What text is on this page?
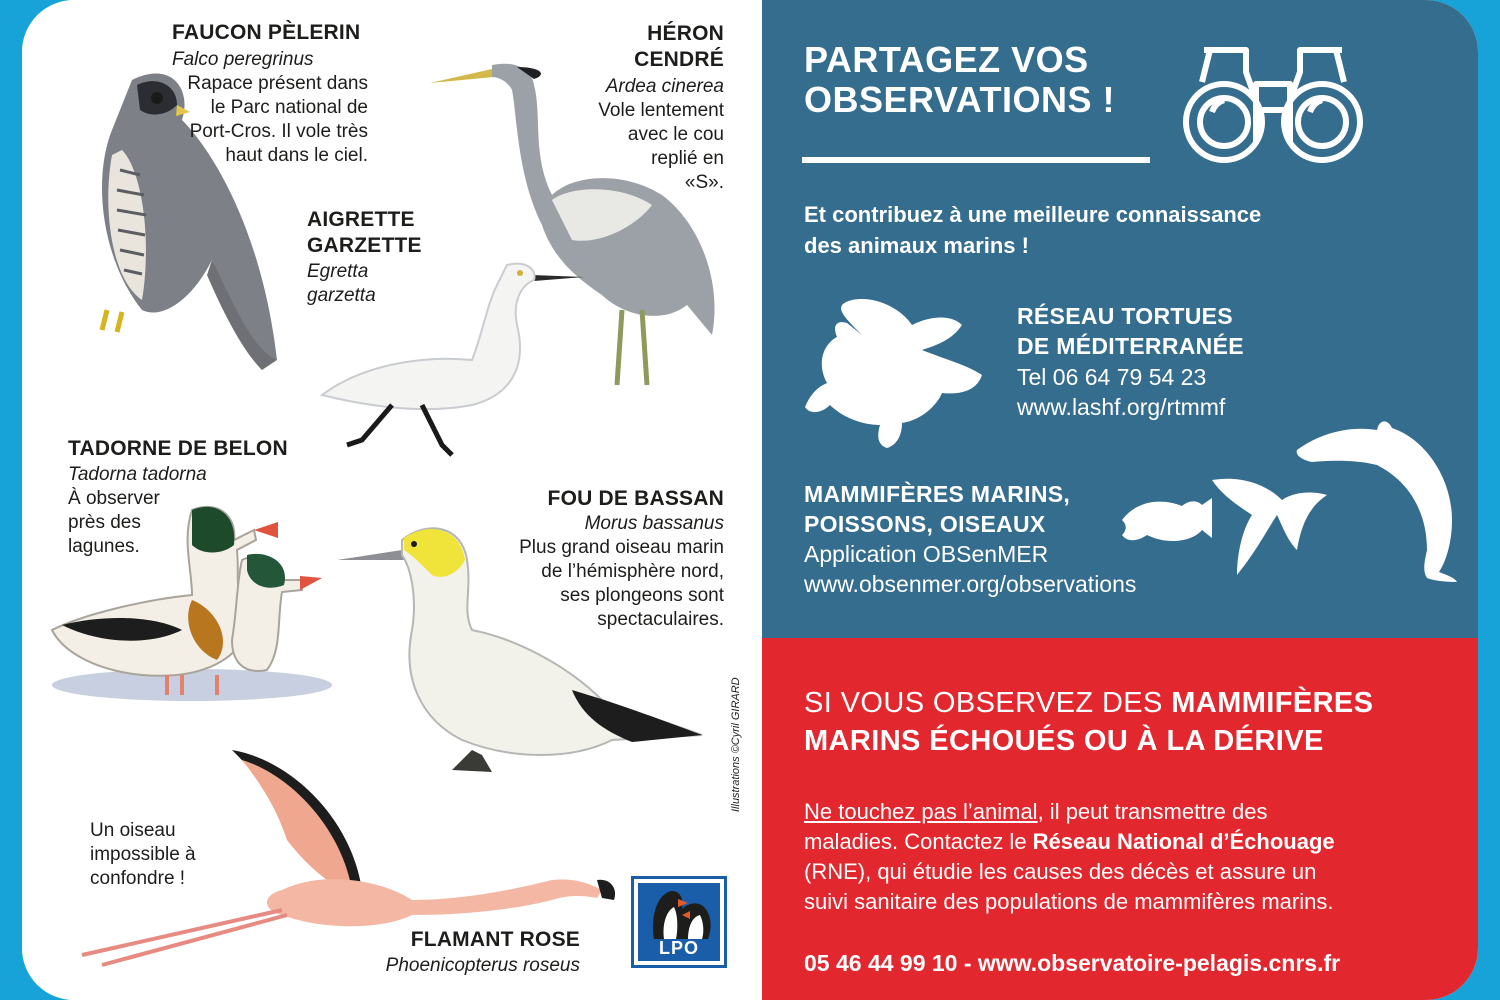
FAUCON PÈLERIN
Falco peregrinus
Rapace présent dans
le Parc national de
Port-Cros. Il vole très
haut dans le ciel.
HÉRON
CENDRÉ
Ardea cinerea
Vole lentement
avec le cou
replié en
«S».
AIGRETTE
GARZETTE
Egretta
garzetta
TADORNE DE BELON
Tadorna tadorna
À observer
près des
lagunes.
FOU DE BASSAN
Morus bassanus
Plus grand oiseau marin
de l’hémisphère nord,
ses plongeons sont
spectaculaires.
Un oiseau
impossible à
confondre !
FLAMANT ROSE
Phoenicopterus roseus
Illustrations ©Cyril GIRARD
LPO
PARTAGEZ VOS
OBSERVATIONS !
Et contribuez à une meilleure connaissance
des animaux marins !
RÉSEAU TORTUES
DE MÉDITERRANÉE
Tel 06 64 79 54 23
www.lashf.org/rtmmf
MAMMIFÈRES MARINS,
POISSONS, OISEAUX
Application OBSenMER
www.obsenmer.org/observations
SI VOUS OBSERVEZ DES MAMMIFÈRES
MARINS ÉCHOUÉS OU À LA DÉRIVE
Ne touchez pas l’animal, il peut transmettre des
maladies. Contactez le Réseau National d’Échouage
(RNE), qui étudie les causes des décès et assure un
suivi sanitaire des populations de mammifères marins.
05 46 44 99 10 - www.observatoire-pelagis.cnrs.fr
